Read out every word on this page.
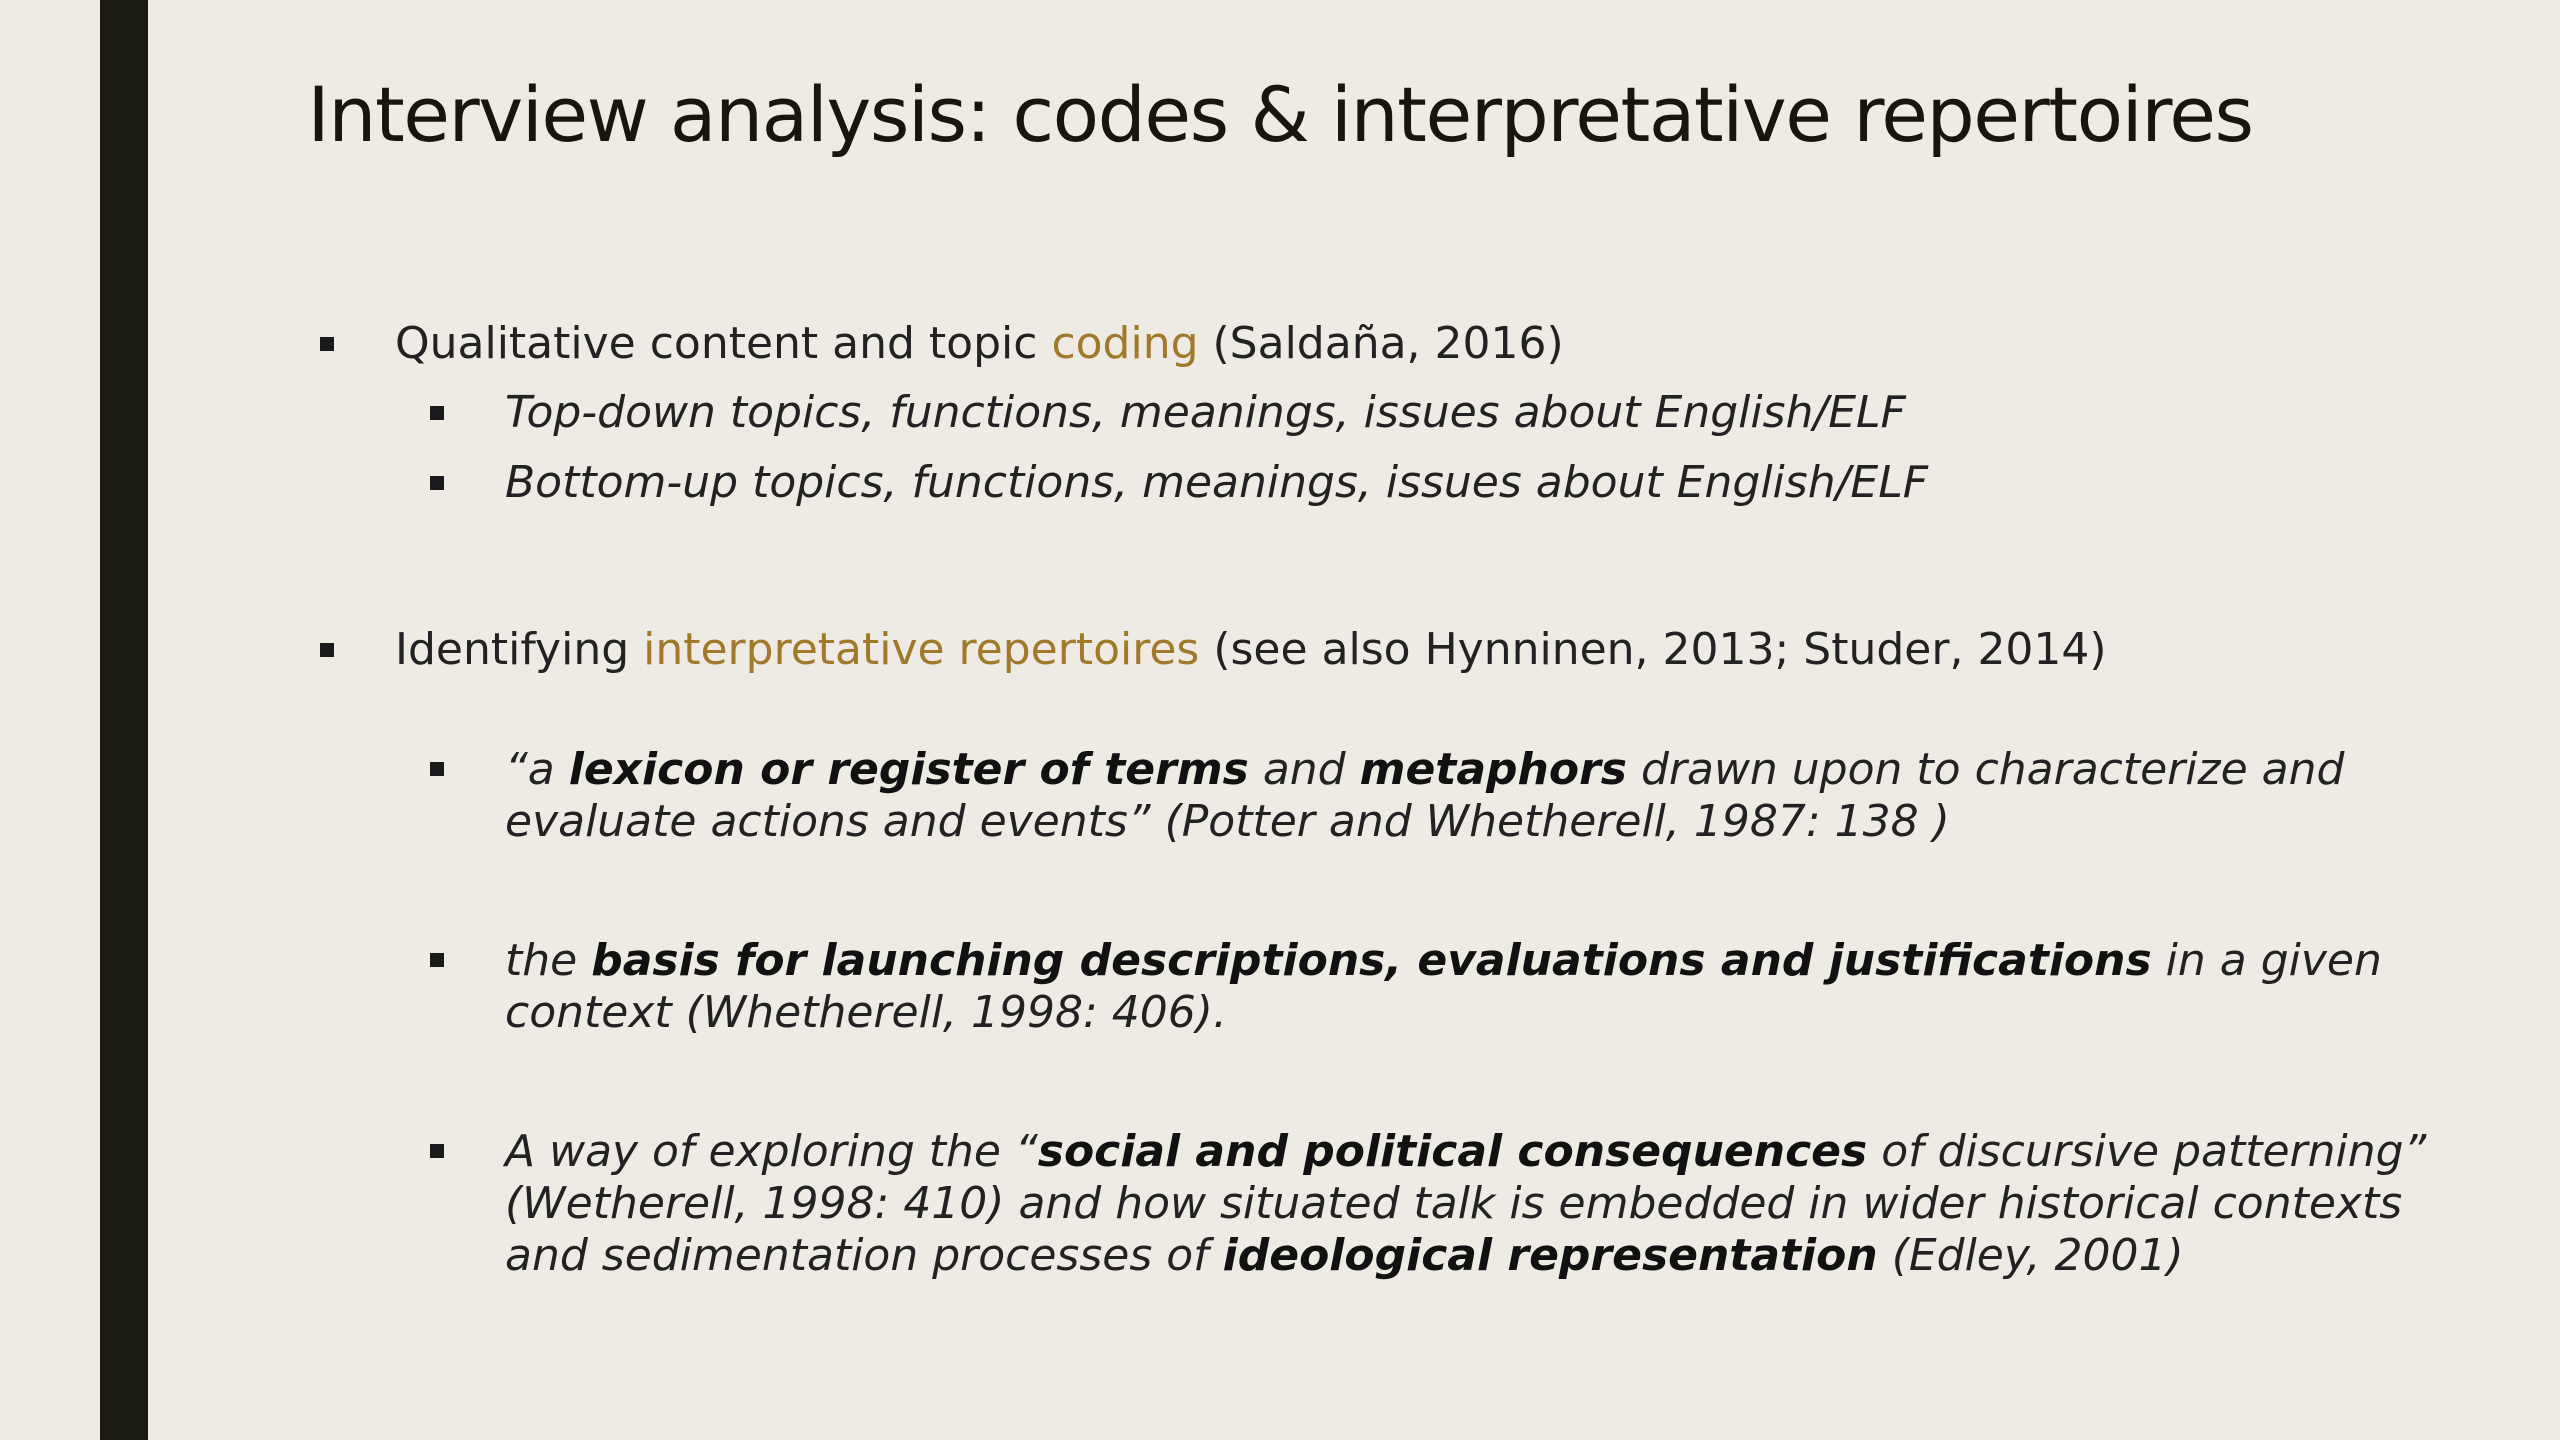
Interview analysis: codes & interpretative repertoires
Qualitative content and topic coding (Saldaña, 2016)
Top-down topics, functions, meanings, issues about English/ELF
Bottom-up topics, functions, meanings, issues about English/ELF
Identifying interpretative repertoires (see also Hynninen, 2013; Studer, 2014)
“a lexicon or register of terms and metaphors drawn upon to characterize and evaluate actions and events” (Potter and Whetherell, 1987: 138 )
the basis for launching descriptions, evaluations and justifications in a given context (Whetherell, 1998: 406).
A way of exploring the “social and political consequences of discursive patterning” (Wetherell, 1998: 410) and how situated talk is embedded in wider historical contexts and sedimentation processes of ideological representation (Edley, 2001)
